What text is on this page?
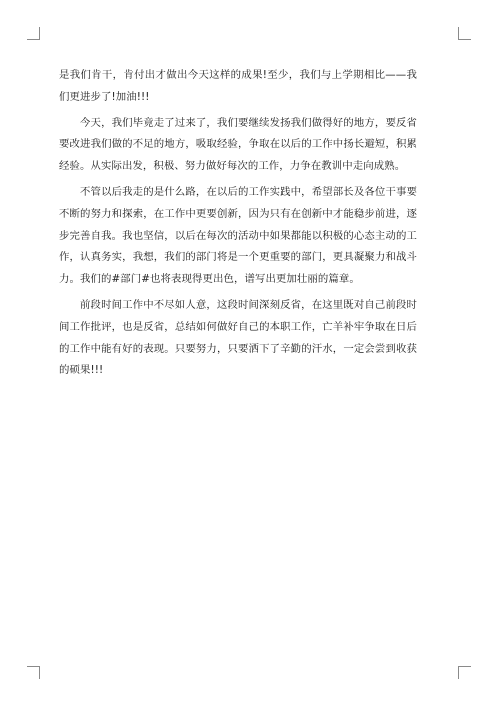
是我们肯干，肯付出才做出今天这样的成果!至少，我们与上学期相比——我们更进步了!加油!!!

今天，我们毕竟走了过来了，我们要继续发扬我们做得好的地方，要反省要改进我们做的不足的地方，吸取经验，争取在以后的工作中扬长避短，积累经验。从实际出发，积极、努力做好每次的工作，力争在教训中走向成熟。

不管以后我走的是什么路，在以后的工作实践中，希望部长及各位干事要不断的努力和探索，在工作中更要创新，因为只有在创新中才能稳步前进，逐步完善自我。我也坚信，以后在每次的活动中如果都能以积极的心态主动的工作，认真务实，我想，我们的部门将是一个更重要的部门，更具凝聚力和战斗力。我们的#部门#也将表现得更出色，谱写出更加壮丽的篇章。

前段时间工作中不尽如人意，这段时间深刻反省，在这里既对自己前段时间工作批评，也是反省，总结如何做好自己的本职工作，亡羊补牢争取在日后的工作中能有好的表现。只要努力，只要洒下了辛勤的汗水，一定会尝到收获的硕果!!!
